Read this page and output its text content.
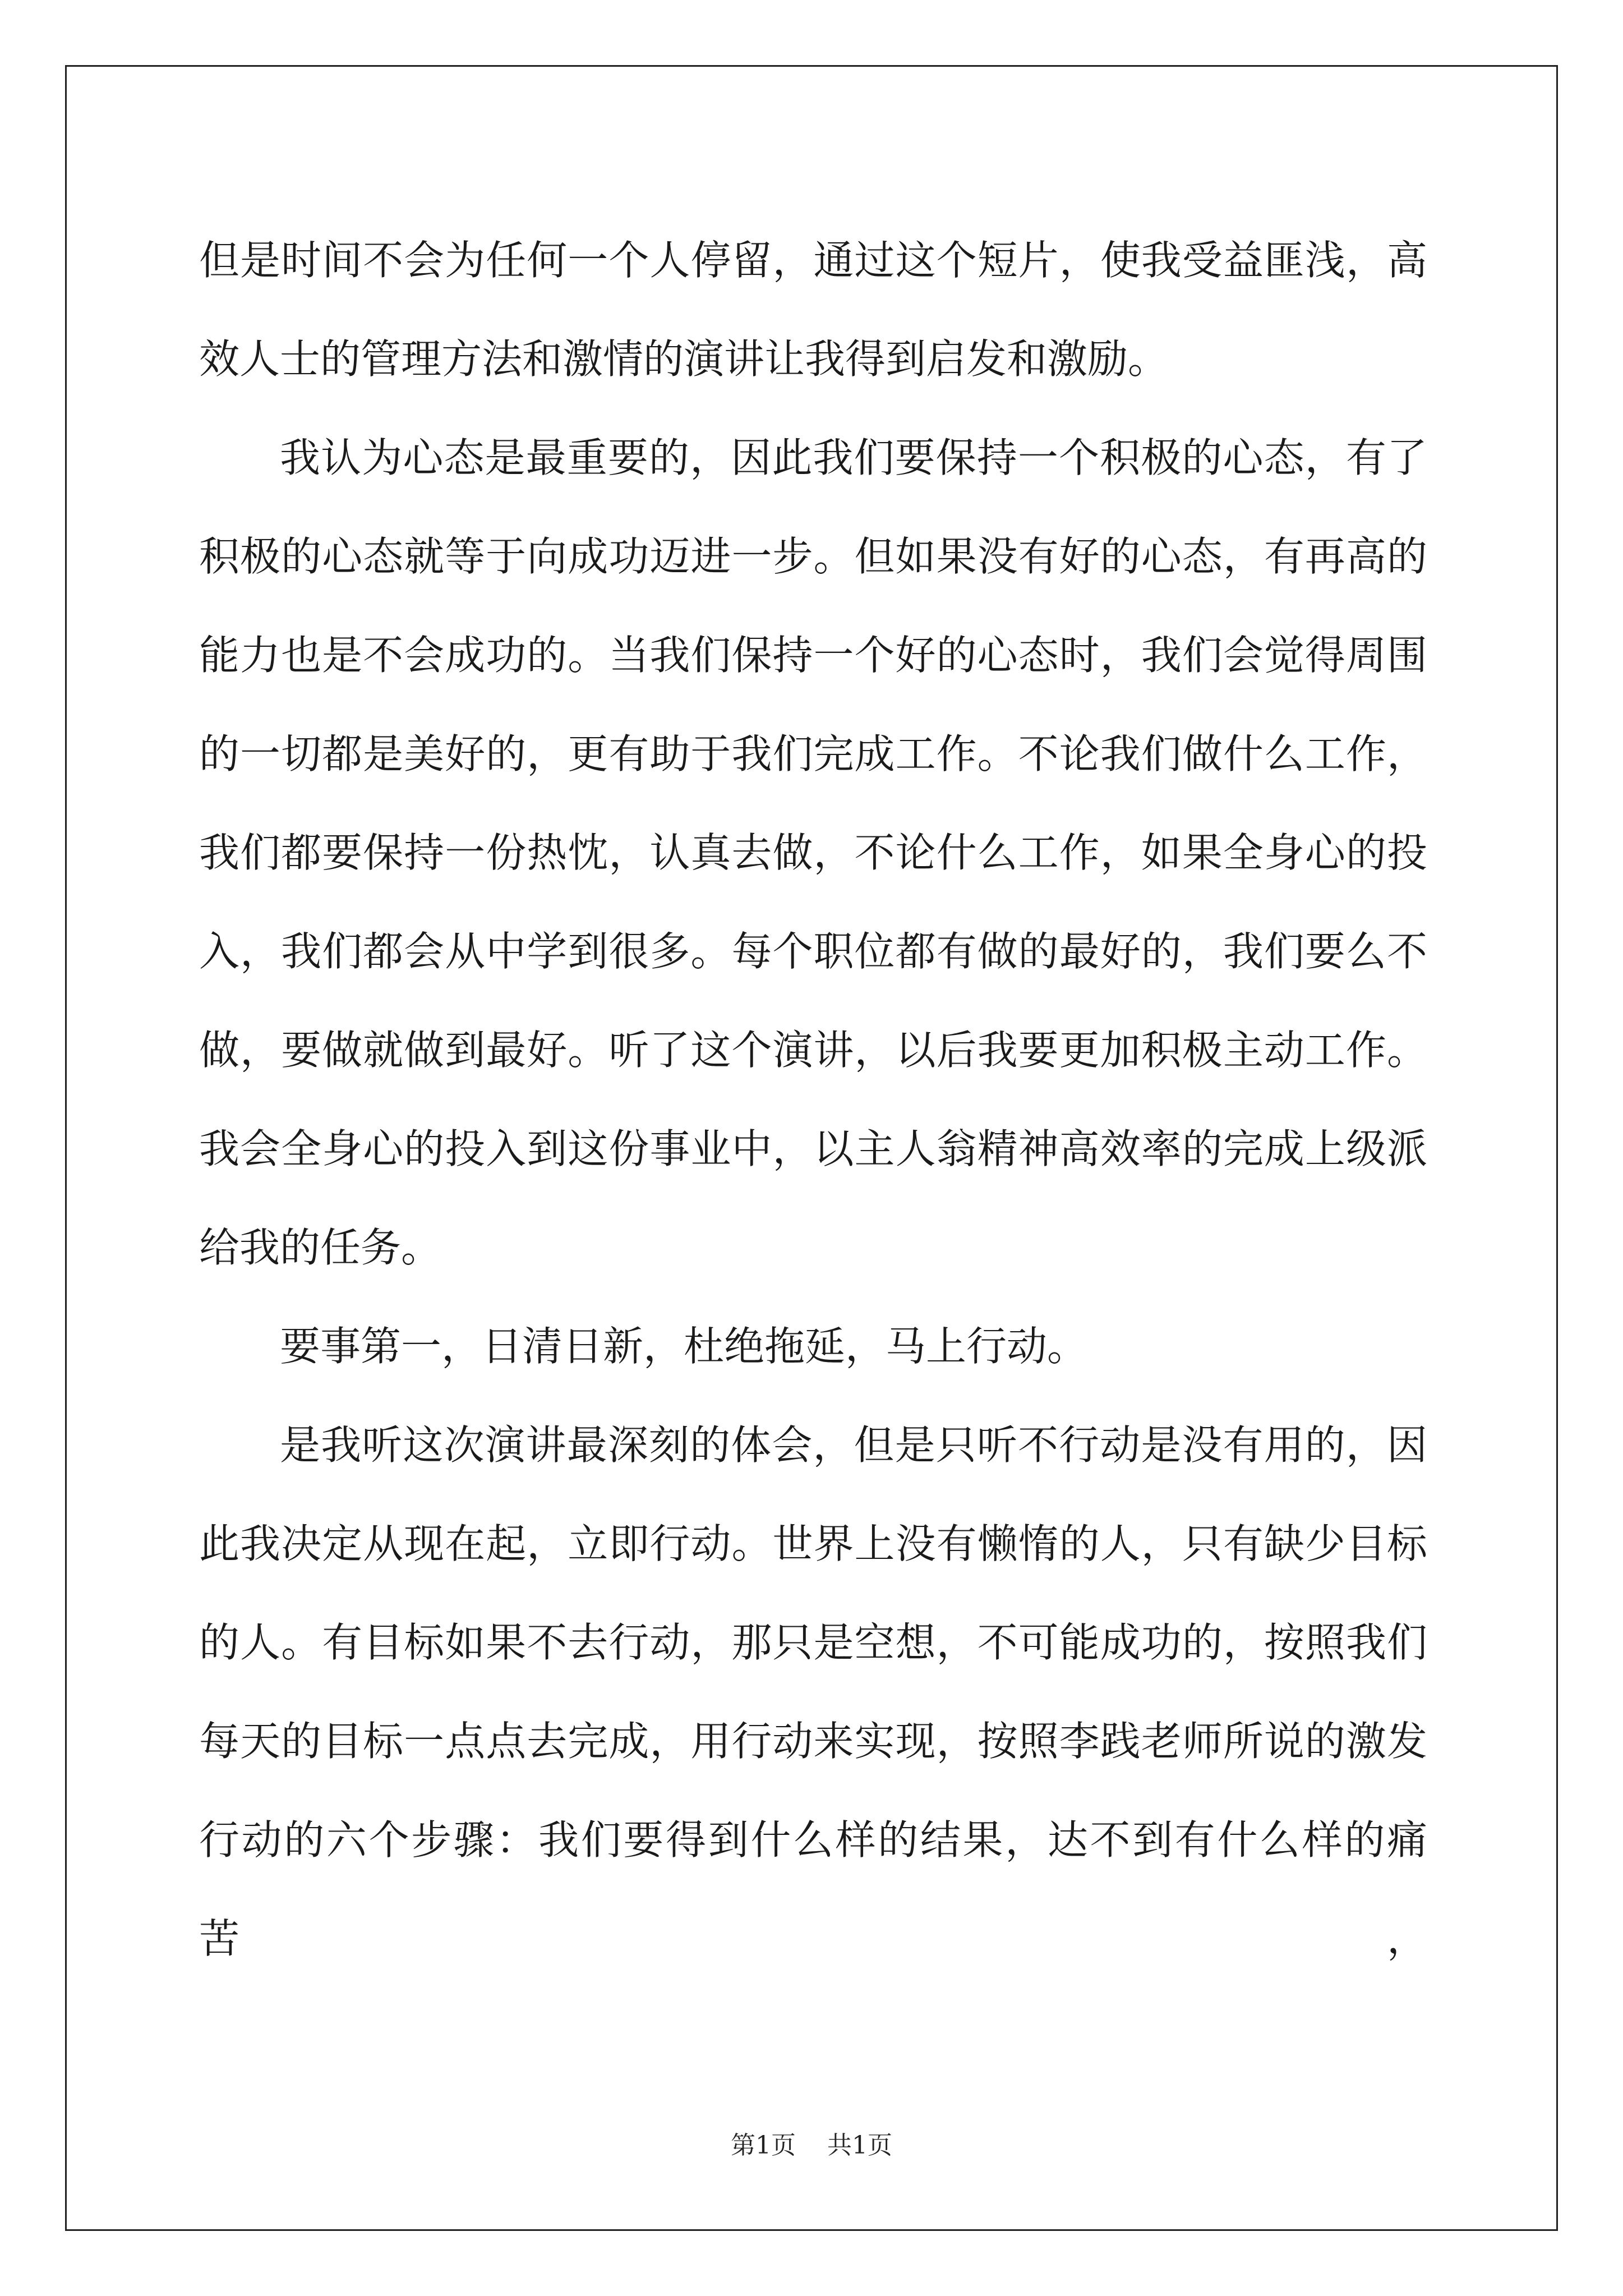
但是时间不会为任何一个人停留，通过这个短片，使我受益匪浅，高效人士的管理方法和激情的演讲让我得到启发和激励。

我认为心态是最重要的，因此我们要保持一个积极的心态，有了积极的心态就等于向成功迈进一步。但如果没有好的心态，有再高的能力也是不会成功的。当我们保持一个好的心态时，我们会觉得周围的一切都是美好的，更有助于我们完成工作。不论我们做什么工作，我们都要保持一份热忱，认真去做，不论什么工作，如果全身心的投入，我们都会从中学到很多。每个职位都有做的最好的，我们要么不做，要做就做到最好。听了这个演讲，以后我要更加积极主动工作。我会全身心的投入到这份事业中，以主人翁精神高效率的完成上级派给我的任务。

要事第一，日清日新，杜绝拖延，马上行动。

是我听这次演讲最深刻的体会，但是只听不行动是没有用的，因此我决定从现在起，立即行动。世界上没有懒惰的人，只有缺少目标的人。有目标如果不去行动，那只是空想，不可能成功的，按照我们每天的目标一点点去完成，用行动来实现，按照李践老师所说的激发行动的六个步骤：我们要得到什么样的结果，达不到有什么样的痛苦，

第1页 共1页
